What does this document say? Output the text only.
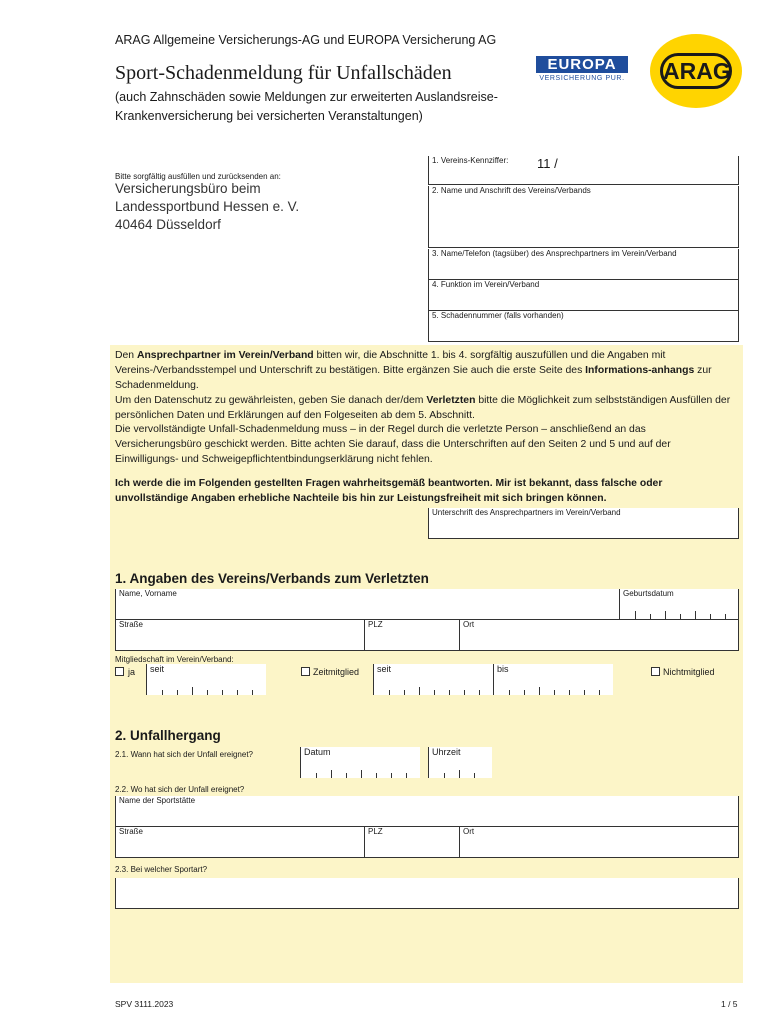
ARAG Allgemeine Versicherungs-AG und EUROPA Versicherung AG
Sport-Schadenmeldung für Unfallschäden
(auch Zahnschäden sowie Meldungen zur erweiterten Auslandsreise-
Krankenversicherung bei versicherten Veranstaltungen)
EUROPA
VERSICHERUNG PUR. ARAG
Bitte sorgfältig ausfüllen und zurücksenden an:
Versicherungsbüro beim
Landessportbund Hessen e. V.
40464 Düsseldorf
1. Vereins-Kennziffer: 11 /
2. Name und Anschrift des Vereins/Verbands
3. Name/Telefon (tagsüber) des Ansprechpartners im Verein/Verband
4. Funktion im Verein/Verband
5. Schadennummer (falls vorhanden)
Den Ansprechpartner im Verein/Verband bitten wir, die Abschnitte 1. bis 4. sorgfältig auszufüllen und die Angaben mit Vereins-/Verbandsstempel und Unterschrift zu bestätigen. Bitte ergänzen Sie auch die erste Seite des Informations-anhangs zur Schadenmeldung.
Um den Datenschutz zu gewährleisten, geben Sie danach der/dem Verletzten bitte die Möglichkeit zum selbstständigen Ausfüllen der persönlichen Daten und Erklärungen auf den Folgeseiten ab dem 5. Abschnitt.
Die vervollständigte Unfall-Schadenmeldung muss – in der Regel durch die verletzte Person – anschließend an das Versicherungsbüro geschickt werden. Bitte achten Sie darauf, dass die Unterschriften auf den Seiten 2 und 5 und auf der Einwilligungs- und Schweigepflichtentbindungserklärung nicht fehlen.
Ich werde die im Folgenden gestellten Fragen wahrheitsgemäß beantworten. Mir ist bekannt, dass falsche oder unvollständige Angaben erhebliche Nachteile bis hin zur Leistungsfreiheit mit sich bringen können.
Unterschrift des Ansprechpartners im Verein/Verband
1. Angaben des Vereins/Verbands zum Verletzten
Name, Vorname	Geburtsdatum
Straße	PLZ	Ort
Mitgliedschaft im Verein/Verband:
ja seit	Zeitmitglied seit	bis	Nichtmitglied
2. Unfallhergang
2.1. Wann hat sich der Unfall ereignet?	Datum	Uhrzeit
2.2. Wo hat sich der Unfall ereignet?
Name der Sportstätte
Straße	PLZ	Ort
2.3. Bei welcher Sportart?
SPV 3111.2023	1 / 5
